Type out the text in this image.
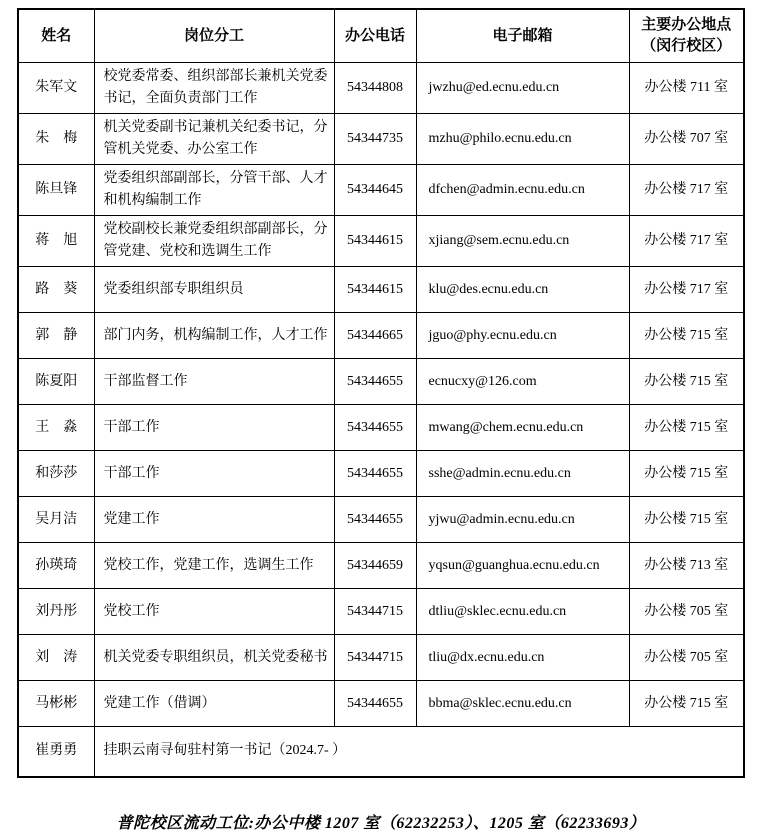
姓名	岗位分工	办公电话	电子邮箱	主要办公地点
（闵行校区）

朱军文	校党委常委、组织部部长兼机关党委书记，全面负责部门工作	54344808	jwzhu@ed.ecnu.edu.cn	办公楼 711 室
朱　梅	机关党委副书记兼机关纪委书记，分管机关党委、办公室工作	54344735	mzhu@philo.ecnu.edu.cn	办公楼 707 室
陈旦锋	党委组织部副部长，分管干部、人才和机构编制工作	54344645	dfchen@admin.ecnu.edu.cn	办公楼 717 室
蒋　旭	党校副校长兼党委组织部副部长，分管党建、党校和选调生工作	54344615	xjiang@sem.ecnu.edu.cn	办公楼 717 室
路　葵	党委组织部专职组织员	54344615	klu@des.ecnu.edu.cn	办公楼 717 室
郭　静	部门内务，机构编制工作，人才工作	54344665	jguo@phy.ecnu.edu.cn	办公楼 715 室
陈夏阳	干部监督工作	54344655	ecnucxy@126.com	办公楼 715 室
王　淼	干部工作	54344655	mwang@chem.ecnu.edu.cn	办公楼 715 室
和莎莎	干部工作	54344655	sshe@admin.ecnu.edu.cn	办公楼 715 室
吴月洁	党建工作	54344655	yjwu@admin.ecnu.edu.cn	办公楼 715 室
孙瑛琦	党校工作，党建工作，选调生工作	54344659	yqsun@guanghua.ecnu.edu.cn	办公楼 713 室
刘丹彤	党校工作	54344715	dtliu@sklec.ecnu.edu.cn	办公楼 705 室
刘　涛	机关党委专职组织员，机关党委秘书	54344715	tliu@dx.ecnu.edu.cn	办公楼 705 室
马彬彬	党建工作（借调）	54344655	bbma@sklec.ecnu.edu.cn	办公楼 715 室
崔勇勇	挂职云南寻甸驻村第一书记（2024.7- ）			
普陀校区流动工位:办公中楼 1207 室（62232253）、1205 室（62233693）
